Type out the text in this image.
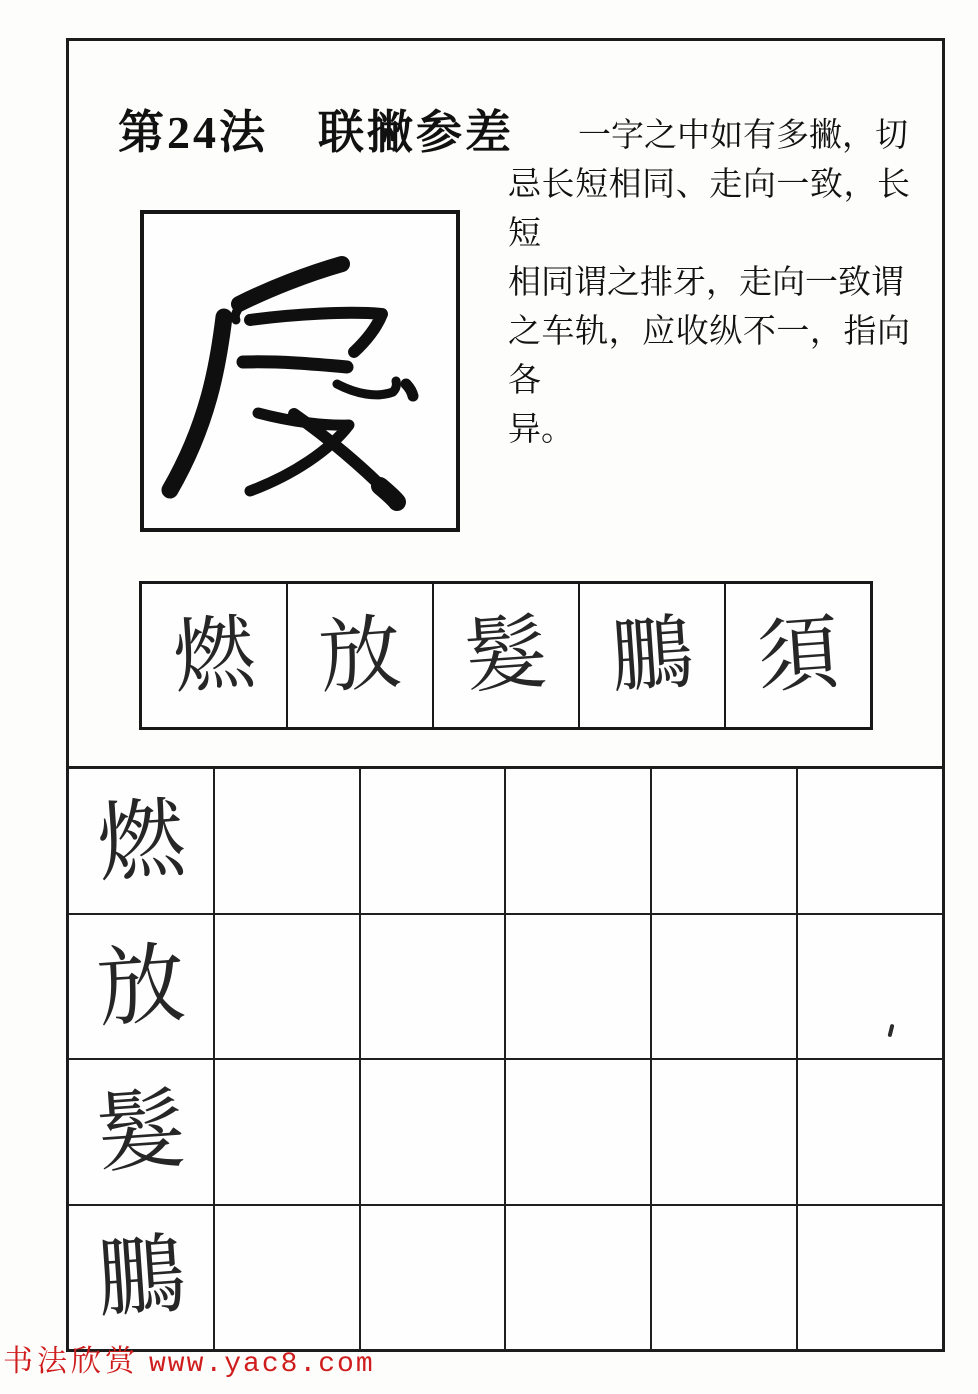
第24法 联撇参差	一字之中如有多撇，切
忌长短相同、走向一致，长短
相同谓之排牙，走向一致谓
之车轨，应收纵不一，指向各
异。
燃 放 髮 鵬 須
燃
放
髮
鵬
书法欣赏 www.yac8.com
